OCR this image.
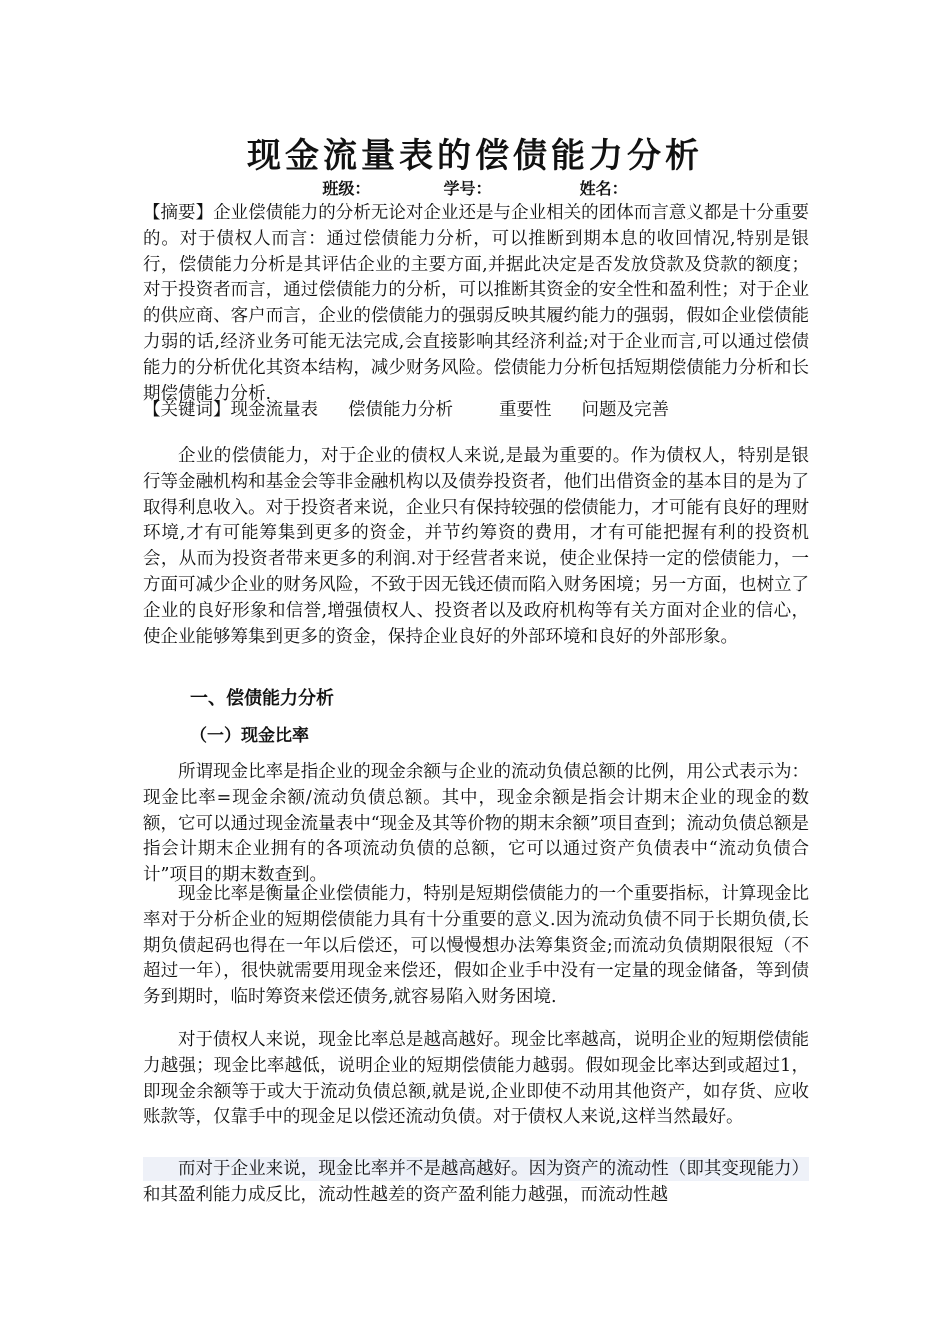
现金流量表的偿债能力分析
班级：	学号：	姓名：

【摘要】企业偿债能力的分析无论对企业还是与企业相关的团体而言意义都是十分重要的。对于债权人而言：通过偿债能力分析，可以推断到期本息的收回情况,特别是银行，偿债能力分析是其评估企业的主要方面,并据此决定是否发放贷款及贷款的额度；对于投资者而言，通过偿债能力的分析，可以推断其资金的安全性和盈利性；对于企业的供应商、客户而言，企业的偿债能力的强弱反映其履约能力的强弱，假如企业偿债能力弱的话,经济业务可能无法完成,会直接影响其经济利益;对于企业而言,可以通过偿债能力的分析优化其资本结构，减少财务风险。偿债能力分析包括短期偿债能力分析和长期偿债能力分析.

【关键词】现金流量表 偿债能力分析	重要性 问题及完善

企业的偿债能力，对于企业的债权人来说,是最为重要的。作为债权人，特别是银行等金融机构和基金会等非金融机构以及债券投资者，他们出借资金的基本目的是为了取得利息收入。对于投资者来说，企业只有保持较强的偿债能力，才可能有良好的理财环境,才有可能筹集到更多的资金，并节约筹资的费用，才有可能把握有利的投资机会，从而为投资者带来更多的利润.对于经营者来说，使企业保持一定的偿债能力，一方面可减少企业的财务风险，不致于因无钱还债而陷入财务困境；另一方面，也树立了企业的良好形象和信誉,增强债权人、投资者以及政府机构等有关方面对企业的信心，使企业能够筹集到更多的资金，保持企业良好的外部环境和良好的外部形象。

一、偿债能力分析
（一）现金比率

所谓现金比率是指企业的现金余额与企业的流动负债总额的比例，用公式表示为：现金比率=现金余额/流动负债总额。其中，现金余额是指会计期末企业的现金的数额，它可以通过现金流量表中“现金及其等价物的期末余额”项目查到；流动负债总额是指会计期末企业拥有的各项流动负债的总额，它可以通过资产负债表中“流动负债合计”项目的期末数查到。

现金比率是衡量企业偿债能力，特别是短期偿债能力的一个重要指标，计算现金比率对于分析企业的短期偿债能力具有十分重要的意义.因为流动负债不同于长期负债,长期负债起码也得在一年以后偿还，可以慢慢想办法筹集资金;而流动负债期限很短（不超过一年），很快就需要用现金来偿还，假如企业手中没有一定量的现金储备，等到债务到期时，临时筹资来偿还债务,就容易陷入财务困境.

对于债权人来说，现金比率总是越高越好。现金比率越高，说明企业的短期偿债能力越强；现金比率越低，说明企业的短期偿债能力越弱。假如现金比率达到或超过1，即现金余额等于或大于流动负债总额,就是说,企业即使不动用其他资产，如存货、应收账款等，仅靠手中的现金足以偿还流动负债。对于债权人来说,这样当然最好。

而对于企业来说，现金比率并不是越高越好。因为资产的流动性（即其变现能力）和其盈利能力成反比，流动性越差的资产盈利能力越强，而流动性越
